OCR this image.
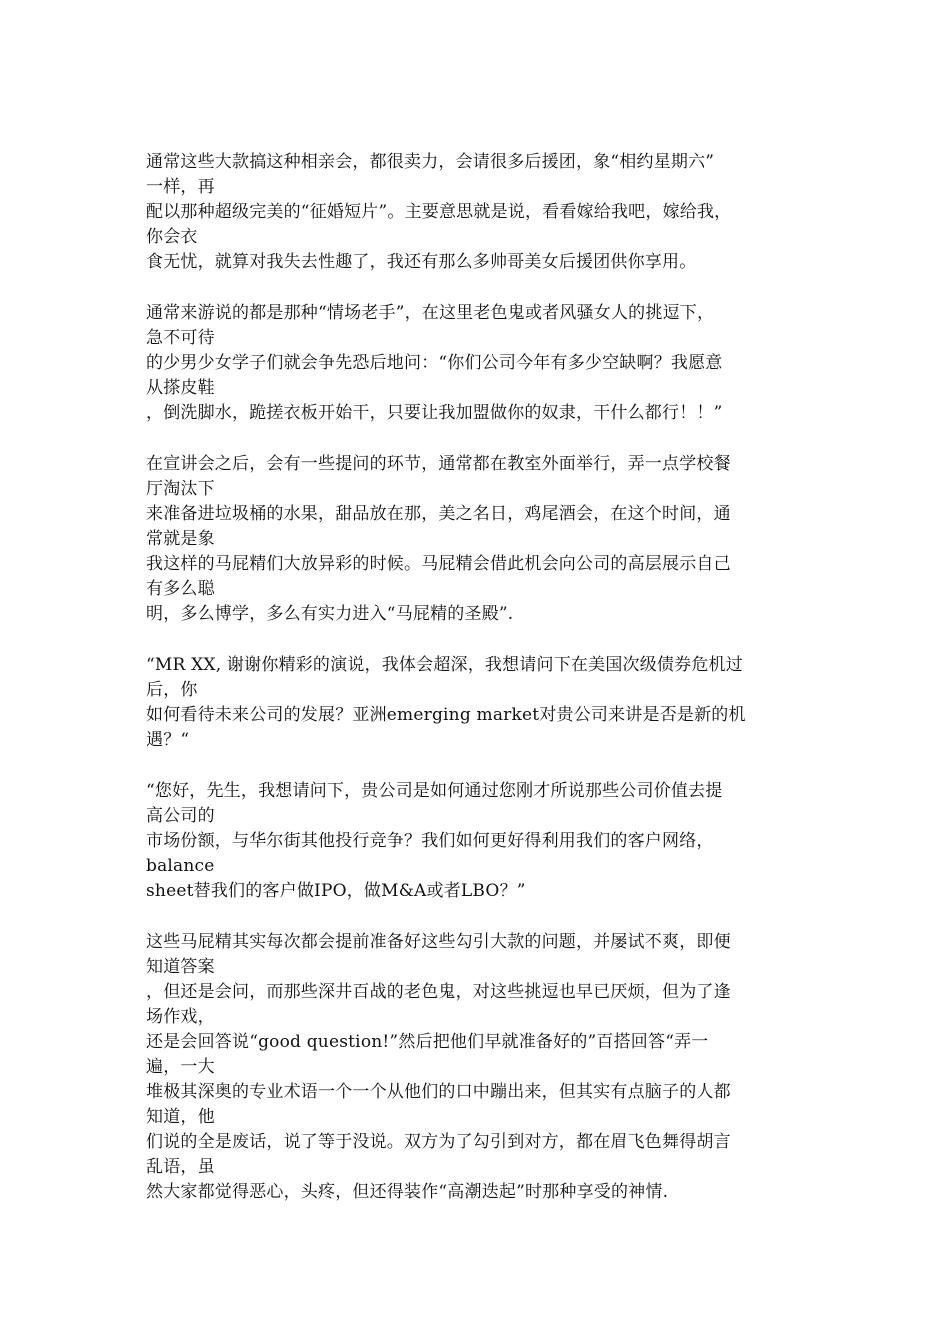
通常这些大款搞这种相亲会，都很卖力，会请很多后援团，象“相约星期六”
一样，再
配以那种超级完美的“征婚短片”。主要意思就是说，看看嫁给我吧，嫁给我，
你会衣
食无忧，就算对我失去性趣了，我还有那么多帅哥美女后援团供你享用。

通常来游说的都是那种“情场老手”，在这里老色鬼或者风骚女人的挑逗下，
急不可待
的少男少女学子们就会争先恐后地问：“你们公司今年有多少空缺啊？我愿意
从搽皮鞋
，倒洗脚水，跪搓衣板开始干，只要让我加盟做你的奴隶，干什么都行！！”

在宣讲会之后，会有一些提问的环节，通常都在教室外面举行，弄一点学校餐
厅淘汰下
来准备进垃圾桶的水果，甜品放在那，美之名日，鸡尾酒会，在这个时间，通
常就是象
我这样的马屁精们大放异彩的时候。马屁精会借此机会向公司的高层展示自己
有多么聪
明，多么博学，多么有实力进入“马屁精的圣殿”.

“MR XX, 谢谢你精彩的演说，我体会超深，我想请问下在美国次级债券危机过
后，你
如何看待未来公司的发展？亚洲emerging market对贵公司来讲是否是新的机
遇？“

“您好，先生，我想请问下，贵公司是如何通过您刚才所说那些公司价值去提
高公司的
市场份额，与华尔街其他投行竞争？我们如何更好得利用我们的客户网络，
balance
sheet替我们的客户做IPO，做M&A或者LBO？”

这些马屁精其实每次都会提前准备好这些勾引大款的问题，并屡试不爽，即便
知道答案
，但还是会问，而那些深井百战的老色鬼，对这些挑逗也早已厌烦，但为了逢
场作戏，
还是会回答说“good question!”然后把他们早就准备好的”百搭回答“弄一
遍，一大
堆极其深奥的专业术语一个一个从他们的口中蹦出来，但其实有点脑子的人都
知道，他
们说的全是废话，说了等于没说。双方为了勾引到对方，都在眉飞色舞得胡言
乱语，虽
然大家都觉得恶心，头疼，但还得装作“高潮迭起”时那种享受的神情.
